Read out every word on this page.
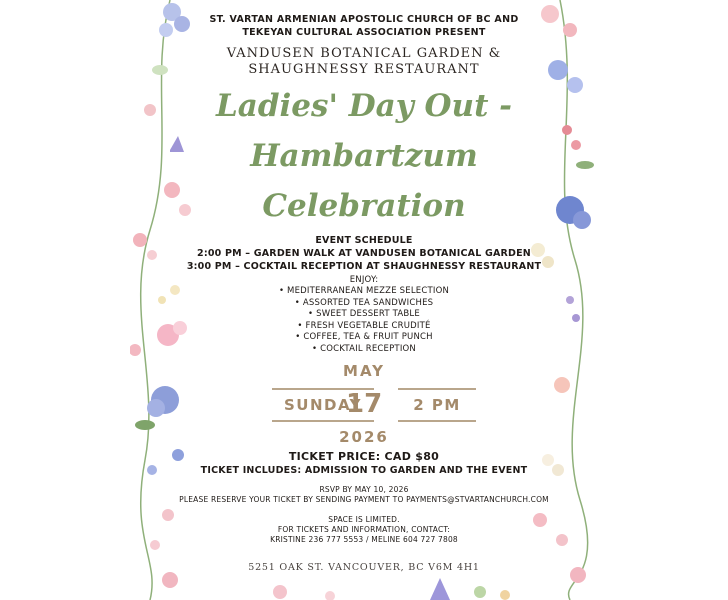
ST. VARTAN ARMENIAN APOSTOLIC CHURCH OF BC AND
TEKEYAN CULTURAL ASSOCIATION PRESENT
VANDUSEN BOTANICAL GARDEN &
SHAUGHNESSY RESTAURANT
Ladies' Day Out -
Hambartzum
Celebration
EVENT SCHEDULE
2:00 PM – GARDEN WALK AT VANDUSEN BOTANICAL GARDEN
3:00 PM – COCKTAIL RECEPTION AT SHAUGHNESSY RESTAURANT
ENJOY:
• MEDITERRANEAN MEZZE SELECTION
• ASSORTED TEA SANDWICHES
• SWEET DESSERT TABLE
• FRESH VEGETABLE CRUDITÉ
• COFFEE, TEA & FRUIT PUNCH
• COCKTAIL RECEPTION
MAY
SUNDAY
17	2 PM
2026
TICKET PRICE: CAD $80
TICKET INCLUDES: ADMISSION TO GARDEN AND THE EVENT
RSVP BY MAY 10, 2026
PLEASE RESERVE YOUR TICKET BY SENDING PAYMENT TO PAYMENTS@STVARTANCHURCH.COM
SPACE IS LIMITED.
FOR TICKETS AND INFORMATION, CONTACT:
KRISTINE 236 777 5553 / MELINE 604 727 7808
5251 OAK ST. VANCOUVER, BC V6M 4H1
